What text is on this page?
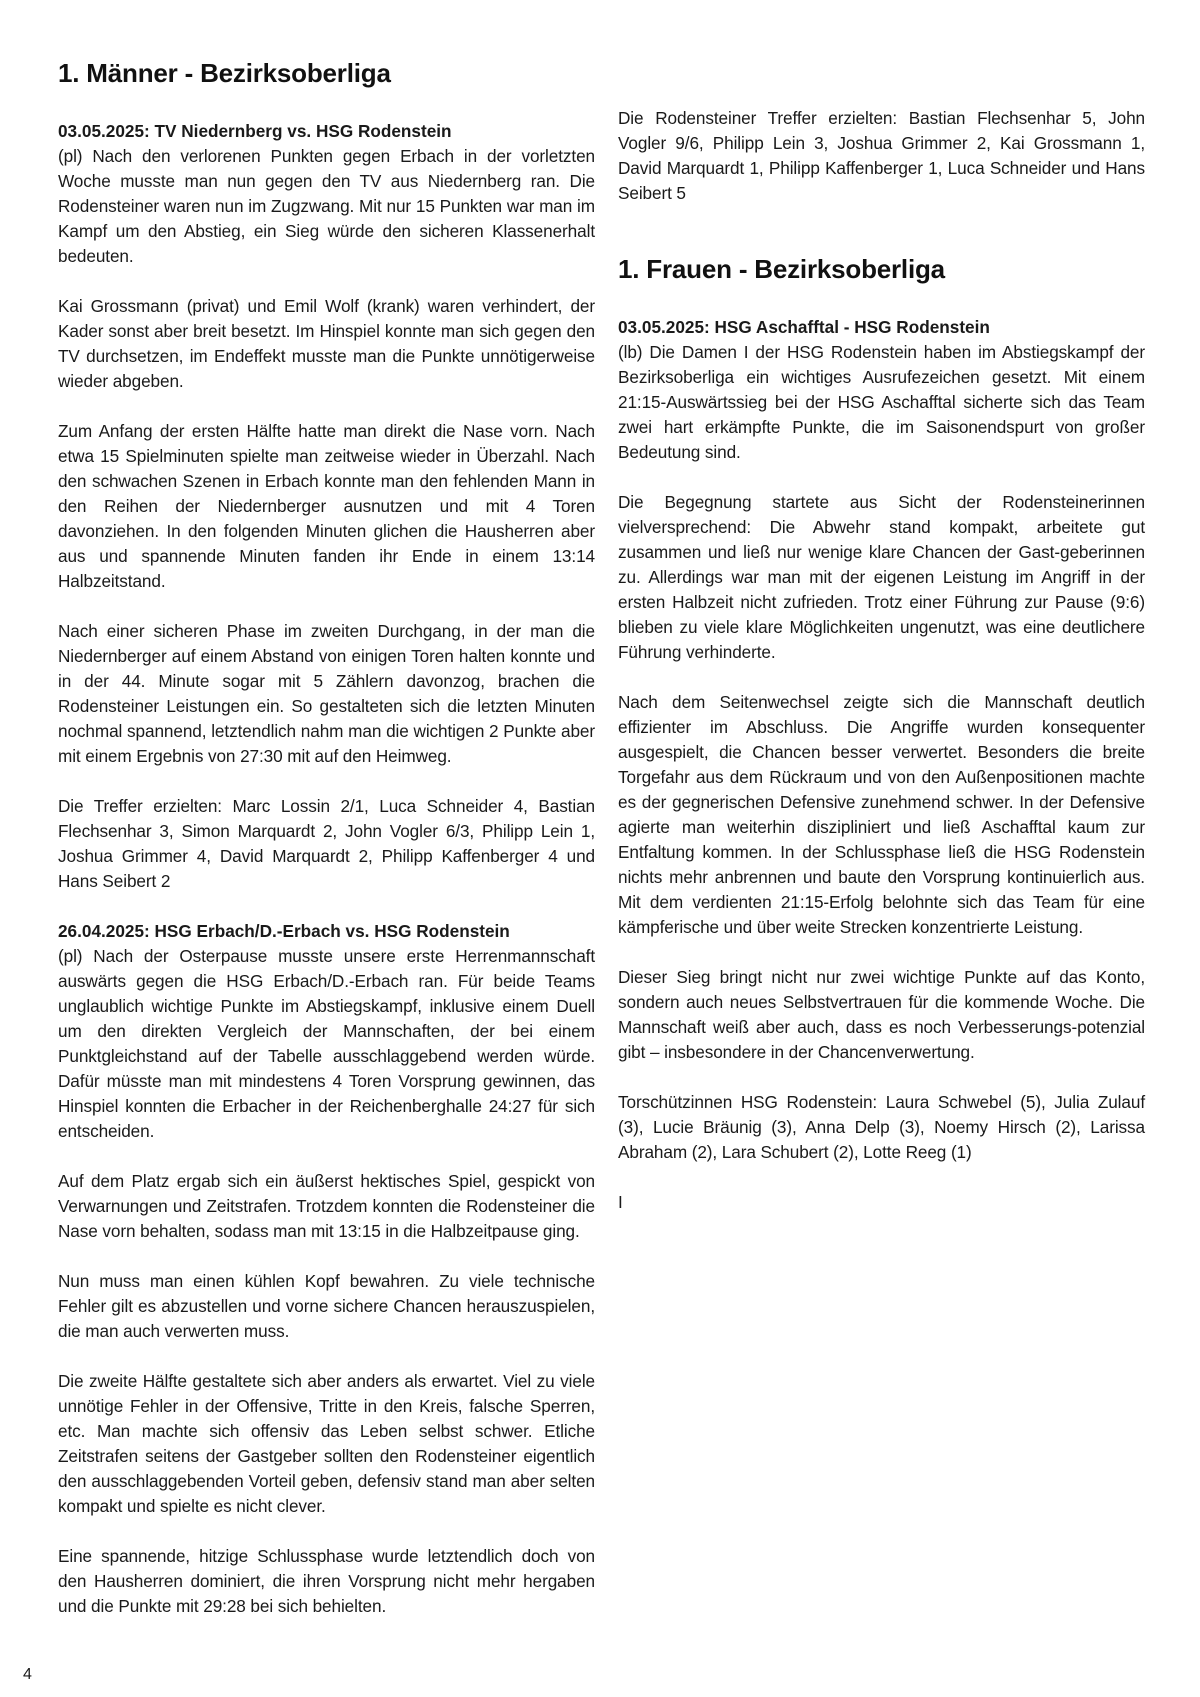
1. Männer - Bezirksoberliga
03.05.2025: TV Niedernberg vs. HSG Rodenstein

(pl) Nach den verlorenen Punkten gegen Erbach in der vorletzten Woche musste man nun gegen den TV aus Niedernberg ran. Die Rodensteiner waren nun im Zugzwang. Mit nur 15 Punkten war man im Kampf um den Abstieg, ein Sieg würde den sicheren Klassenerhalt bedeuten.

Kai Grossmann (privat) und Emil Wolf (krank) waren verhindert, der Kader sonst aber breit besetzt. Im Hinspiel konnte man sich gegen den TV durchsetzen, im Endeffekt musste man die Punkte unnötigerweise wieder abgeben.

Zum Anfang der ersten Hälfte hatte man direkt die Nase vorn. Nach etwa 15 Spielminuten spielte man zeitweise wieder in Überzahl. Nach den schwachen Szenen in Erbach konnte man den fehlenden Mann in den Reihen der Niedernberger ausnutzen und mit 4 Toren davonziehen. In den folgenden Minuten glichen die Hausherren aber aus und spannende Minuten fanden ihr Ende in einem 13:14 Halbzeitstand.

Nach einer sicheren Phase im zweiten Durchgang, in der man die Niedernberger auf einem Abstand von einigen Toren halten konnte und in der 44. Minute sogar mit 5 Zählern davonzog, brachen die Rodensteiner Leistungen ein. So gestalteten sich die letzten Minuten nochmal spannend, letztendlich nahm man die wichtigen 2 Punkte aber mit einem Ergebnis von 27:30 mit auf den Heimweg.

Die Treffer erzielten: Marc Lossin 2/1, Luca Schneider 4, Bastian Flechsenhar 3, Simon Marquardt 2, John Vogler 6/3, Philipp Lein 1, Joshua Grimmer 4, David Marquardt 2, Philipp Kaffenberger 4 und Hans Seibert 2

26.04.2025: HSG Erbach/D.-Erbach vs. HSG Rodenstein

(pl) Nach der Osterpause musste unsere erste Herrenmannschaft auswärts gegen die HSG Erbach/D.-Erbach ran. Für beide Teams unglaublich wichtige Punkte im Abstiegskampf, inklusive einem Duell um den direkten Vergleich der Mannschaften, der bei einem Punktgleichstand auf der Tabelle ausschlaggebend werden würde. Dafür müsste man mit mindestens 4 Toren Vorsprung gewinnen, das Hinspiel konnten die Erbacher in der Reichenberghalle 24:27 für sich entscheiden.

Auf dem Platz ergab sich ein äußerst hektisches Spiel, gespickt von Verwarnungen und Zeitstrafen. Trotzdem konnten die Rodensteiner die Nase vorn behalten, sodass man mit 13:15 in die Halbzeitpause ging.

Nun muss man einen kühlen Kopf bewahren. Zu viele technische Fehler gilt es abzustellen und vorne sichere Chancen herauszuspielen, die man auch verwerten muss.

Die zweite Hälfte gestaltete sich aber anders als erwartet. Viel zu viele unnötige Fehler in der Offensive, Tritte in den Kreis, falsche Sperren, etc. Man machte sich offensiv das Leben selbst schwer. Etliche Zeitstrafen seitens der Gastgeber sollten den Rodensteiner eigentlich den ausschlaggebenden Vorteil geben, defensiv stand man aber selten kompakt und spielte es nicht clever.

Eine spannende, hitzige Schlussphase wurde letztendlich doch von den Hausherren dominiert, die ihren Vorsprung nicht mehr hergaben und die Punkte mit 29:28 bei sich behielten.

Die Rodensteiner Treffer erzielten: Bastian Flechsenhar 5, John Vogler 9/6, Philipp Lein 3, Joshua Grimmer 2, Kai Grossmann 1, David Marquardt 1, Philipp Kaffenberger 1, Luca Schneider und Hans Seibert 5

1. Frauen - Bezirksoberliga
03.05.2025: HSG Aschafftal - HSG Rodenstein

(lb) Die Damen I der HSG Rodenstein haben im Abstiegskampf der Bezirksoberliga ein wichtiges Ausrufezeichen gesetzt. Mit einem 21:15-Auswärtssieg bei der HSG Aschafftal sicherte sich das Team zwei hart erkämpfte Punkte, die im Saisonendspurt von großer Bedeutung sind.

Die Begegnung startete aus Sicht der Rodensteinerinnen vielversprechend: Die Abwehr stand kompakt, arbeitete gut zusammen und ließ nur wenige klare Chancen der Gast-geberinnen zu. Allerdings war man mit der eigenen Leistung im Angriff in der ersten Halbzeit nicht zufrieden. Trotz einer Führung zur Pause (9:6) blieben zu viele klare Möglichkeiten ungenutzt, was eine deutlichere Führung verhinderte.

Nach dem Seitenwechsel zeigte sich die Mannschaft deutlich effizienter im Abschluss. Die Angriffe wurden konsequenter ausgespielt, die Chancen besser verwertet. Besonders die breite Torgefahr aus dem Rückraum und von den Außenpositionen machte es der gegnerischen Defensive zunehmend schwer. In der Defensive agierte man weiterhin diszipliniert und ließ Aschafftal kaum zur Entfaltung kommen. In der Schlussphase ließ die HSG Rodenstein nichts mehr anbrennen und baute den Vorsprung kontinuierlich aus. Mit dem verdienten 21:15-Erfolg belohnte sich das Team für eine kämpferische und über weite Strecken konzentrierte Leistung.

Dieser Sieg bringt nicht nur zwei wichtige Punkte auf das Konto, sondern auch neues Selbstvertrauen für die kommende Woche. Die Mannschaft weiß aber auch, dass es noch Verbesserungs-potenzial gibt – insbesondere in der Chancenverwertung.

Torschützinnen HSG Rodenstein: Laura Schwebel (5), Julia Zulauf (3), Lucie Bräunig (3), Anna Delp (3), Noemy Hirsch (2), Larissa Abraham (2), Lara Schubert (2), Lotte Reeg (1)

I

4
